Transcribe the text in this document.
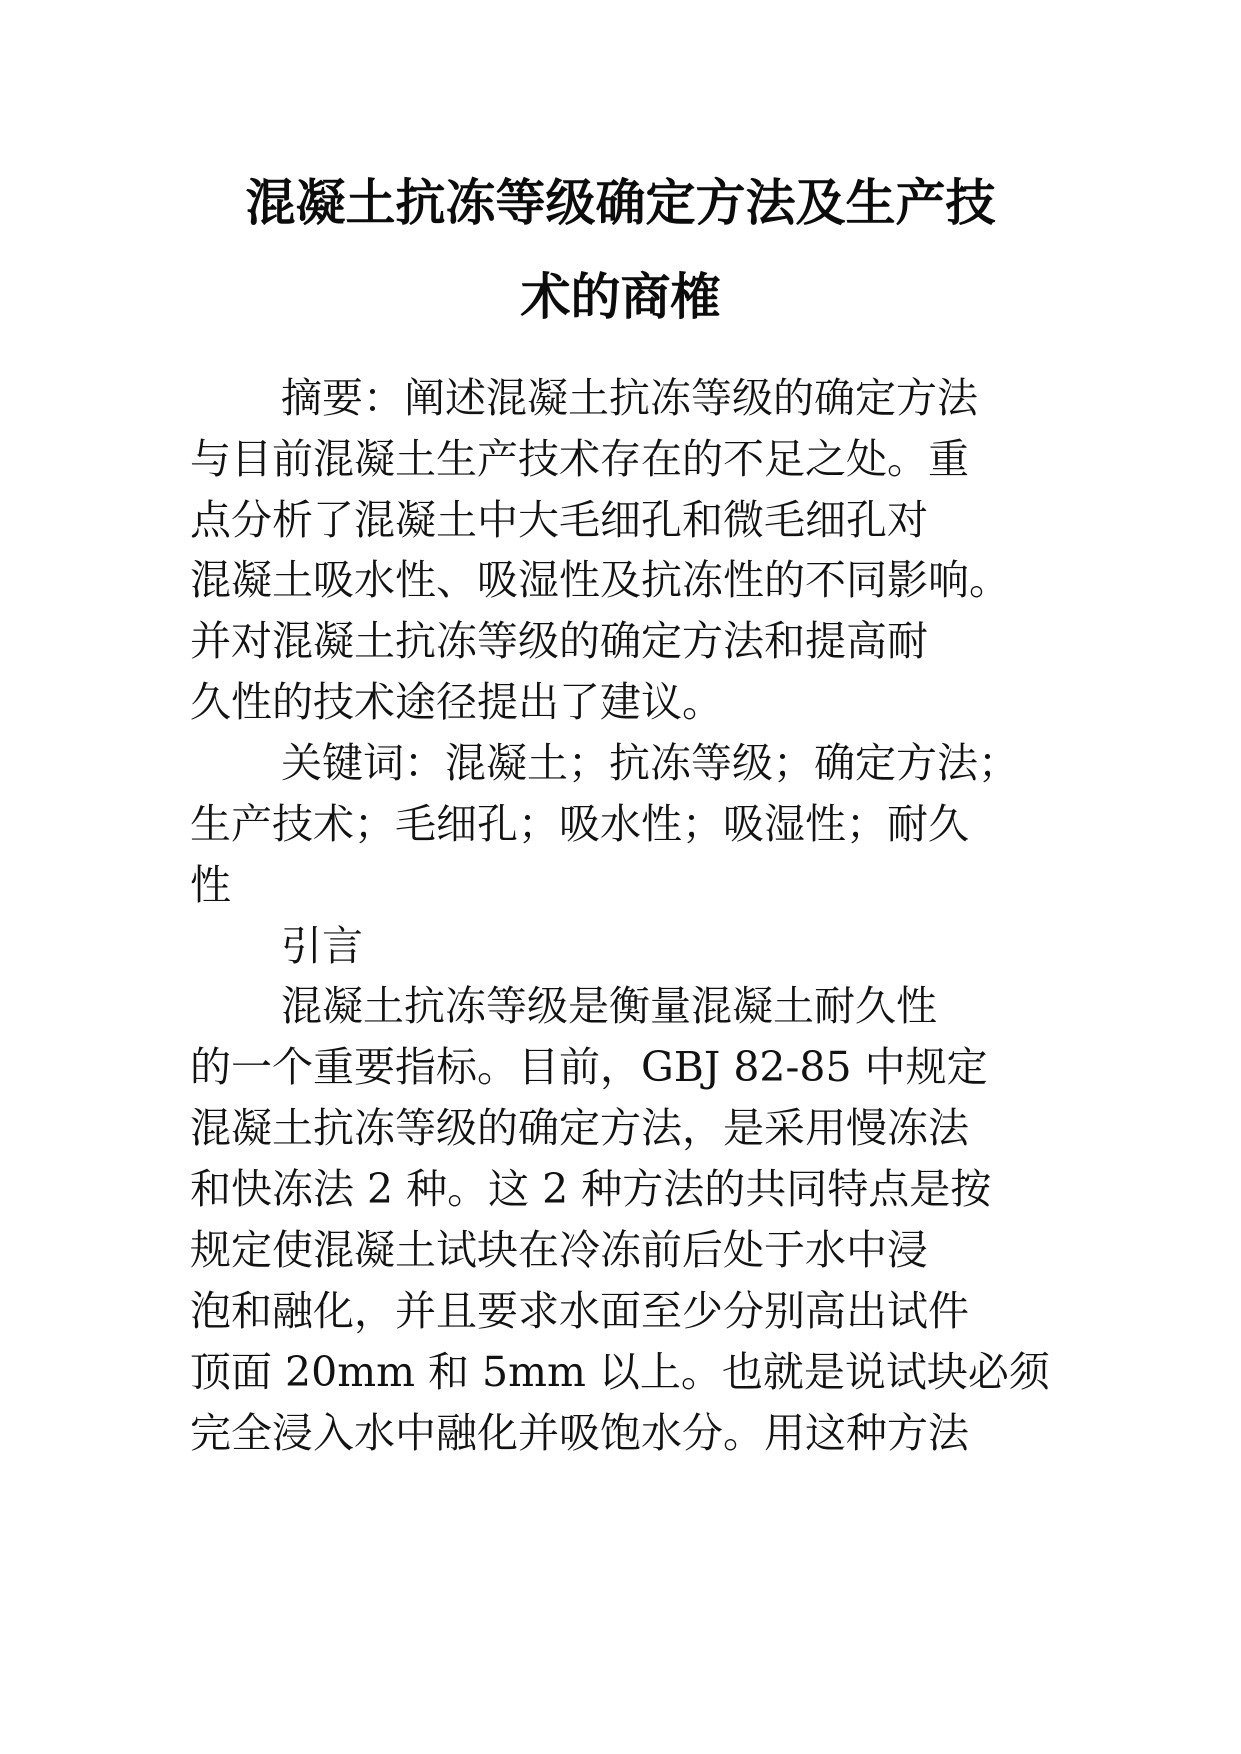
混凝土抗冻等级确定方法及生产技
术的商榷
摘要：阐述混凝土抗冻等级的确定方法
与目前混凝土生产技术存在的不足之处。重
点分析了混凝土中大毛细孔和微毛细孔对
混凝土吸水性、吸湿性及抗冻性的不同影响。
并对混凝土抗冻等级的确定方法和提高耐
久性的技术途径提出了建议。
关键词：混凝土；抗冻等级；确定方法；
生产技术；毛细孔；吸水性；吸湿性；耐久
性
引言
混凝土抗冻等级是衡量混凝土耐久性
的一个重要指标。目前，GBJ 82-85 中规定
混凝土抗冻等级的确定方法，是采用慢冻法
和快冻法 2 种。这 2 种方法的共同特点是按
规定使混凝土试块在冷冻前后处于水中浸
泡和融化，并且要求水面至少分别高出试件
顶面 20mm 和 5mm 以上。也就是说试块必须
完全浸入水中融化并吸饱水分。用这种方法
